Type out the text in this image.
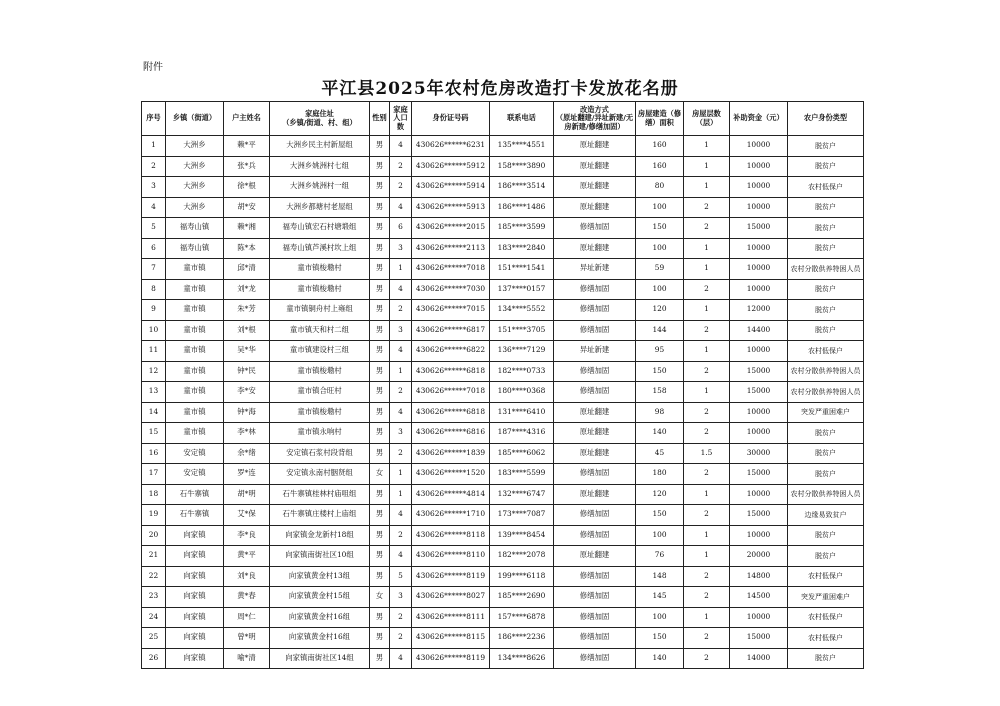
附件
平江县2025年农村危房改造打卡发放花名册
序号	乡镇（街道）	户主姓名	家庭住址
（乡镇/街道、村、组）	性别	家庭人口数	身份证号码	联系电话	改造方式
（原址翻建/异址新建/无房新建/修缮加固）	房屋建造（修缮）面积	房屋层数（层）	补助资金（元）	农户身份类型
1	大洲乡	赖*平	大洲乡民主村新屋组	男	4	430626******6231	135****4551	原址翻建	160	1	10000	脱贫户
2	大洲乡	张*兵	大洲乡姚洲村七组	男	2	430626******5912	158****3890	原址翻建	160	1	10000	脱贫户
3	大洲乡	徐*根	大洲乡姚洲村一组	男	2	430626******5914	186****3514	原址翻建	80	1	10000	农村低保户
4	大洲乡	胡*安	大洲乡都塘村老屋组	男	4	430626******5913	186****1486	原址翻建	100	2	10000	脱贫户
5	福寿山镇	赖*湘	福寿山镇宏石村塘塅组	男	6	430626******2015	185****3599	修缮加固	150	2	15000	脱贫户
6	福寿山镇	陈*本	福寿山镇芦溪村坎上组	男	3	430626******2113	183****2840	原址翻建	100	1	10000	脱贫户
7	童市镇	邱*清	童市镇梭墈村	男	1	430626******7018	151****1541	异址新建	59	1	10000	农村分散供养特困人员
8	童市镇	刘*龙	童市镇梭墈村	男	4	430626******7030	137****0157	修缮加固	100	2	10000	脱贫户
9	童市镇	朱*芳	童市镇铜舟村上雍组	男	2	430626******7015	134****5552	修缮加固	120	1	12000	脱贫户
10	童市镇	刘*根	童市镇天和村二组	男	3	430626******6817	151****3705	修缮加固	144	2	14400	脱贫户
11	童市镇	吴*华	童市镇建设村三组	男	4	430626******6822	136****7129	异址新建	95	1	10000	农村低保户
12	童市镇	钟*民	童市镇梭墈村	男	1	430626******6818	182****0733	修缮加固	150	2	15000	农村分散供养特困人员
13	童市镇	李*安	童市镇合旺村	男	2	430626******7018	180****0368	修缮加固	158	1	15000	农村分散供养特困人员
14	童市镇	钟*海	童市镇梭墈村	男	4	430626******6818	131****6410	原址翻建	98	2	10000	突发严重困难户
15	童市镇	李*林	童市镇永响村	男	3	430626******6816	187****4316	原址翻建	140	2	10000	脱贫户
16	安定镇	余*绪	安定镇石浆村段背组	男	2	430626******1839	185****6062	原址翻建	45	1.5	30000	脱贫户
17	安定镇	罗*连	安定镇永南村胭贤组	女	1	430626******1520	183****5599	修缮加固	180	2	15000	脱贫户
18	石牛寨镇	胡*明	石牛寨镇桂林村庙咀组	男	1	430626******4814	132****6747	原址翻建	120	1	10000	农村分散供养特困人员
19	石牛寨镇	艾*保	石牛寨镇庄楼村上庙组	男	4	430626******1710	173****7087	修缮加固	150	2	15000	边缘易致贫户
20	向家镇	李*良	向家镇金龙新村18组	男	2	430626******8118	139****8454	修缮加固	100	1	10000	脱贫户
21	向家镇	黄*平	向家镇南街社区10组	男	4	430626******8110	182****2078	原址翻建	76	1	20000	脱贫户
22	向家镇	刘*良	向家镇黄金村13组	男	5	430626******8119	199****6118	修缮加固	148	2	14800	农村低保户
23	向家镇	黄*春	向家镇黄金村15组	女	3	430626******8027	185****2690	修缮加固	145	2	14500	突发严重困难户
24	向家镇	周*仁	向家镇黄金村16组	男	2	430626******8111	157****6878	修缮加固	100	1	10000	农村低保户
25	向家镇	曾*明	向家镇黄金村16组	男	2	430626******8115	186****2236	修缮加固	150	2	15000	农村低保户
26	向家镇	喻*清	向家镇南街社区14组	男	4	430626******8119	134****8626	修缮加固	140	2	14000	脱贫户
